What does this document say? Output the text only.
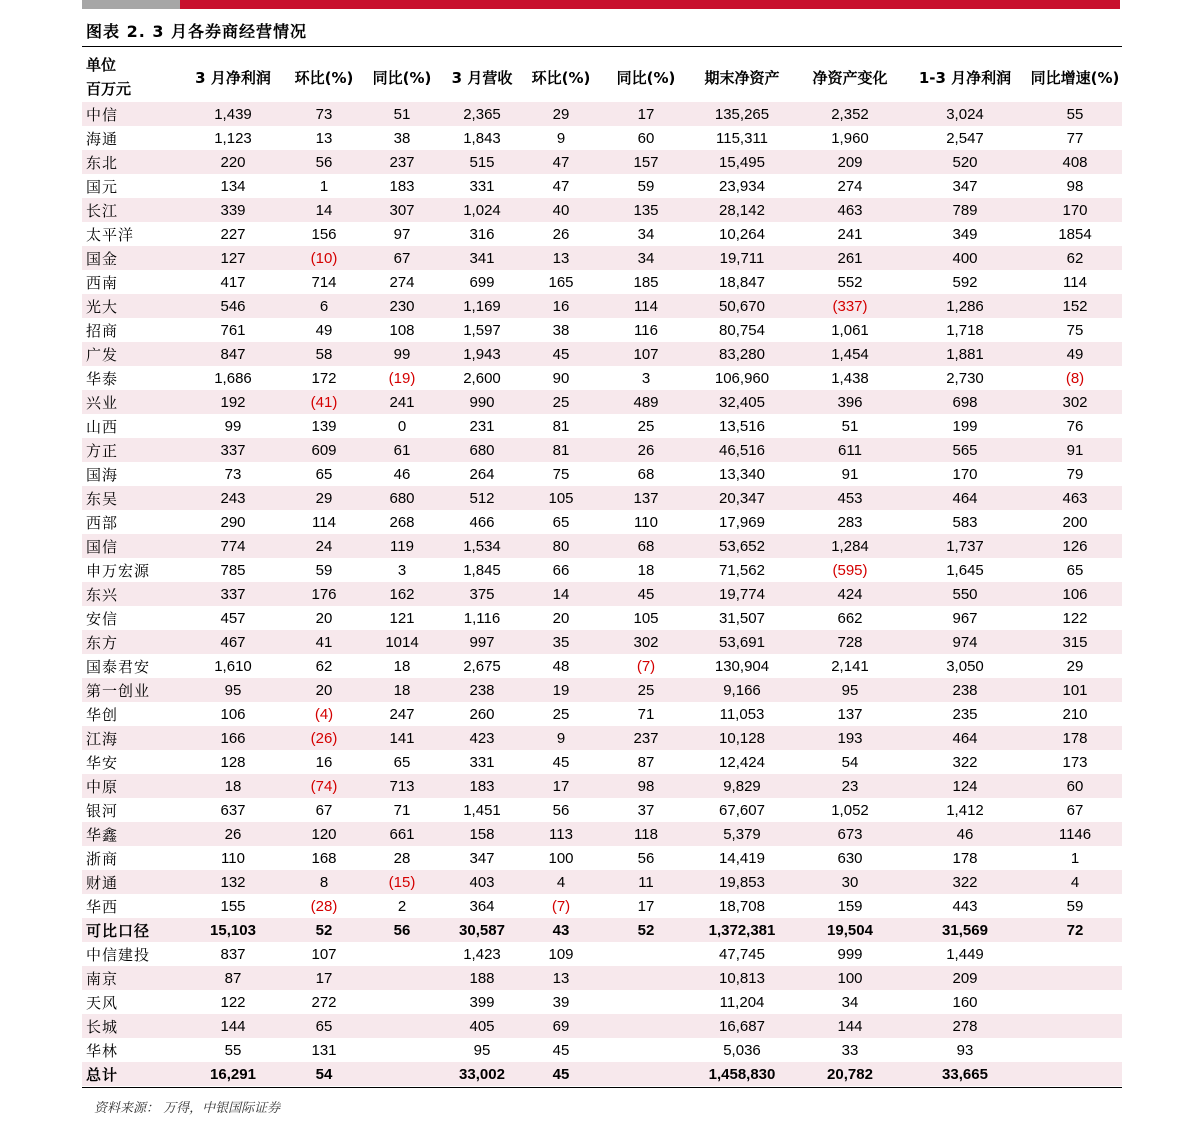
图表 2. 3 月各券商经营情况
单位
百万元	3 月净利润	环比(%)	同比(%)	3 月营收	环比(%)	同比(%)	期末净资产	净资产变化	1-3 月净利润	同比增速(%)
中信	1,439	73	51	2,365	29	17	135,265	2,352	3,024	55
海通	1,123	13	38	1,843	9	60	115,311	1,960	2,547	77
东北	220	56	237	515	47	157	15,495	209	520	408
国元	134	1	183	331	47	59	23,934	274	347	98
长江	339	14	307	1,024	40	135	28,142	463	789	170
太平洋	227	156	97	316	26	34	10,264	241	349	1854
国金	127	(10)	67	341	13	34	19,711	261	400	62
西南	417	714	274	699	165	185	18,847	552	592	114
光大	546	6	230	1,169	16	114	50,670	(337)	1,286	152
招商	761	49	108	1,597	38	116	80,754	1,061	1,718	75
广发	847	58	99	1,943	45	107	83,280	1,454	1,881	49
华泰	1,686	172	(19)	2,600	90	3	106,960	1,438	2,730	(8)
兴业	192	(41)	241	990	25	489	32,405	396	698	302
山西	99	139	0	231	81	25	13,516	51	199	76
方正	337	609	61	680	81	26	46,516	611	565	91
国海	73	65	46	264	75	68	13,340	91	170	79
东吴	243	29	680	512	105	137	20,347	453	464	463
西部	290	114	268	466	65	110	17,969	283	583	200
国信	774	24	119	1,534	80	68	53,652	1,284	1,737	126
申万宏源	785	59	3	1,845	66	18	71,562	(595)	1,645	65
东兴	337	176	162	375	14	45	19,774	424	550	106
安信	457	20	121	1,116	20	105	31,507	662	967	122
东方	467	41	1014	997	35	302	53,691	728	974	315
国泰君安	1,610	62	18	2,675	48	(7)	130,904	2,141	3,050	29
第一创业	95	20	18	238	19	25	9,166	95	238	101
华创	106	(4)	247	260	25	71	11,053	137	235	210
江海	166	(26)	141	423	9	237	10,128	193	464	178
华安	128	16	65	331	45	87	12,424	54	322	173
中原	18	(74)	713	183	17	98	9,829	23	124	60
银河	637	67	71	1,451	56	37	67,607	1,052	1,412	67
华鑫	26	120	661	158	113	118	5,379	673	46	1146
浙商	110	168	28	347	100	56	14,419	630	178	1
财通	132	8	(15)	403	4	11	19,853	30	322	4
华西	155	(28)	2	364	(7)	17	18,708	159	443	59
可比口径	15,103	52	56	30,587	43	52	1,372,381	19,504	31,569	72
中信建投	837	107		1,423	109		47,745	999	1,449	
南京	87	17		188	13		10,813	100	209	
天风	122	272		399	39		11,204	34	160	
长城	144	65		405	69		16,687	144	278	
华林	55	131		95	45		5,036	33	93	
总计	16,291	54		33,002	45		1,458,830	20,782	33,665	
资料来源： 万得，中银国际证券
